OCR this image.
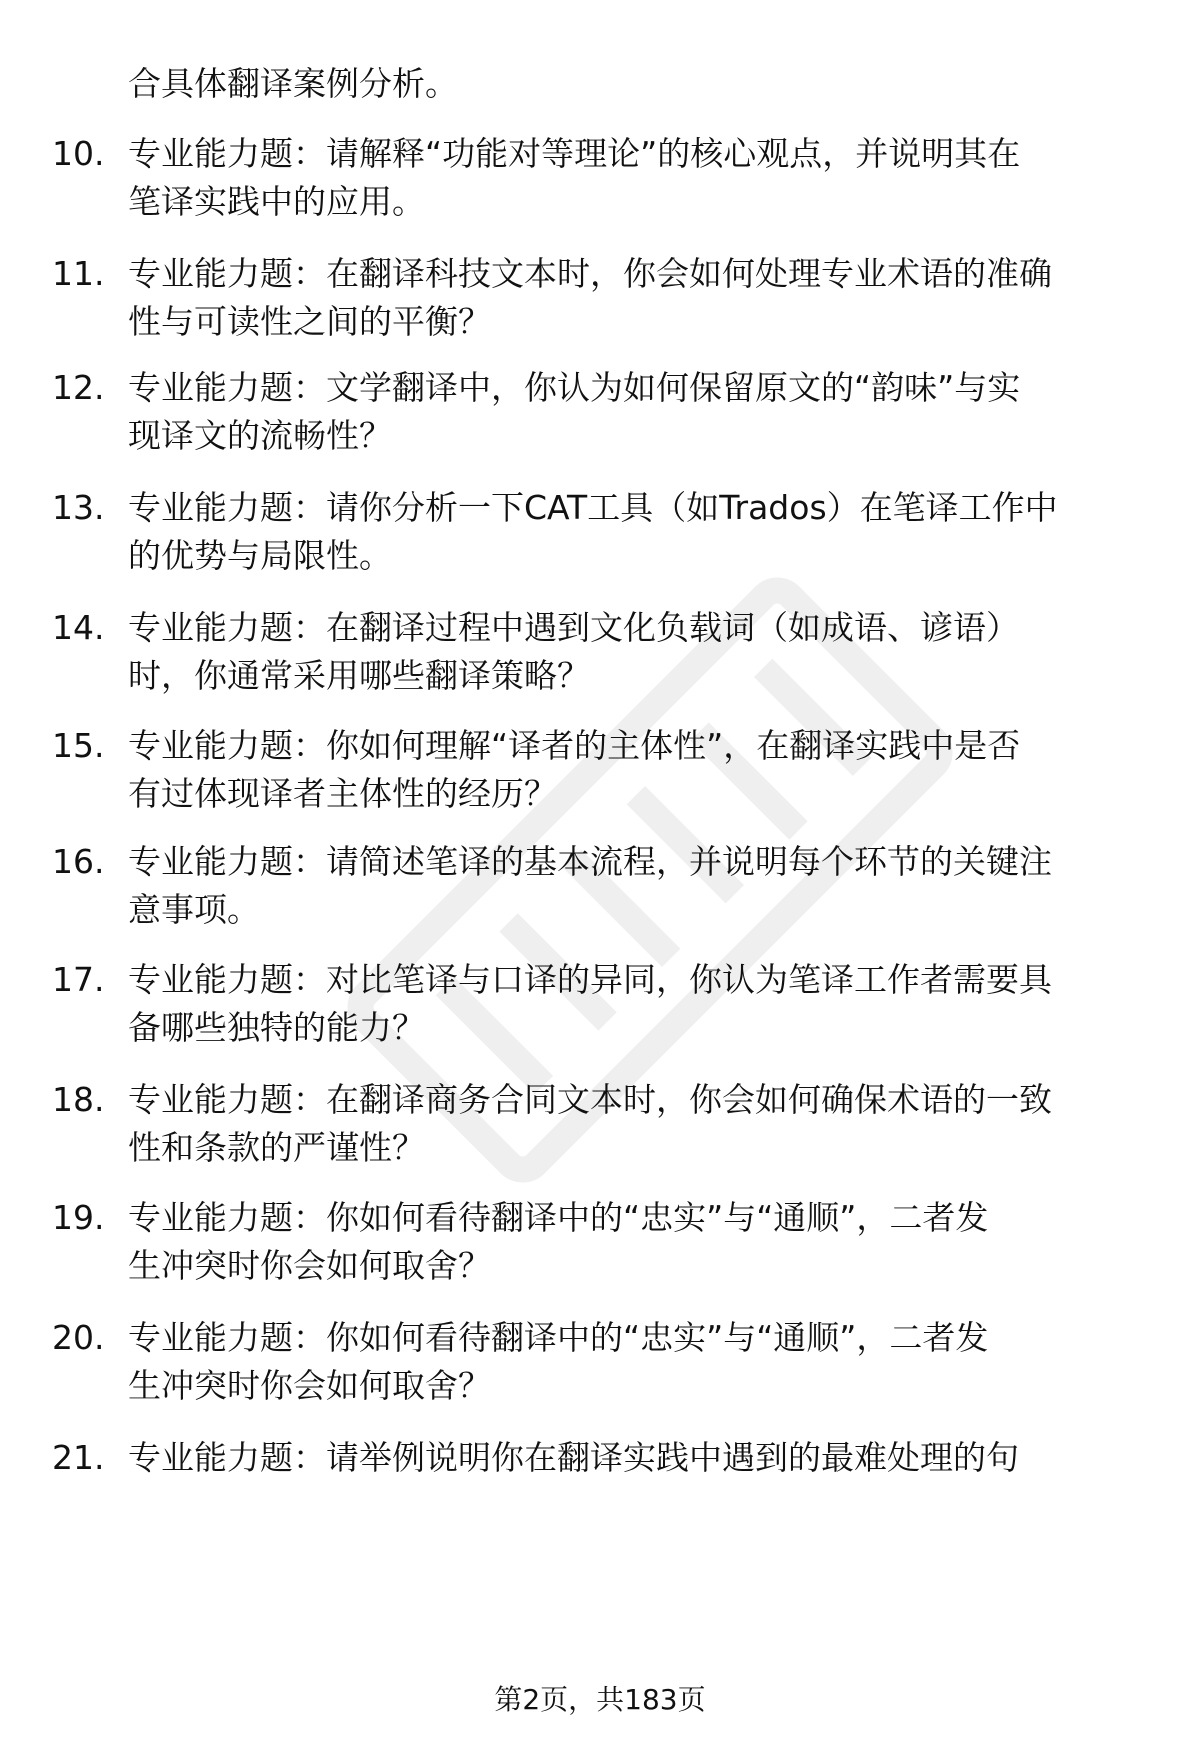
合具体翻译案例分析。
10. 专业能力题：请解释“功能对等理论”的核心观点，并说明其在
笔译实践中的应用。
11. 专业能力题：在翻译科技文本时，你会如何处理专业术语的准确
性与可读性之间的平衡？
12. 专业能力题：文学翻译中，你认为如何保留原文的“韵味”与实
现译文的流畅性？
13. 专业能力题：请你分析一下CAT工具（如Trados）在笔译工作中
的优势与局限性。
14. 专业能力题：在翻译过程中遇到文化负载词（如成语、谚语）
时，你通常采用哪些翻译策略？
15. 专业能力题：你如何理解“译者的主体性”，在翻译实践中是否
有过体现译者主体性的经历？
16. 专业能力题：请简述笔译的基本流程，并说明每个环节的关键注
意事项。
17. 专业能力题：对比笔译与口译的异同，你认为笔译工作者需要具
备哪些独特的能力？
18. 专业能力题：在翻译商务合同文本时，你会如何确保术语的一致
性和条款的严谨性？
19. 专业能力题：你如何看待翻译中的“忠实”与“通顺”，二者发
生冲突时你会如何取舍？
20. 专业能力题：你如何看待翻译中的“忠实”与“通顺”，二者发
生冲突时你会如何取舍？
21. 专业能力题：请举例说明你在翻译实践中遇到的最难处理的句
第2页，共183页
